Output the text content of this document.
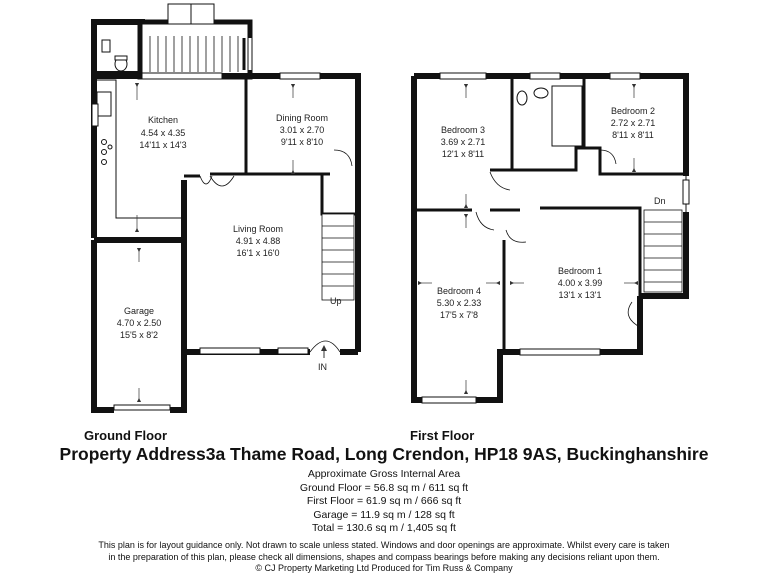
Kitchen
4.54 x 4.35
14'11 x 14'3
Dining Room
3.01 x 2.70
9'11 x 8'10
Living Room
4.91 x 4.88
16'1 x 16'0
Garage
4.70 x 2.50
15'5 x 8'2
Up
IN
Bedroom 3
3.69 x 2.71
12'1 x 8'11
Bedroom 2
2.72 x 2.71
8'11 x 8'11
Bedroom 4
5.30 x 2.33
17'5 x 7'8
Bedroom 1
4.00 x 3.99
13'1 x 13'1
Dn
Ground Floor	First Floor
Property Address3a Thame Road, Long Crendon, HP18 9AS, Buckinghanshire
Approximate Gross Internal Area
Ground Floor = 56.8 sq m / 611 sq ft
First Floor = 61.9 sq m / 666 sq ft
Garage = 11.9 sq m / 128 sq ft
Total = 130.6 sq m / 1,405 sq ft
This plan is for layout guidance only. Not drawn to scale unless stated. Windows and door openings are approximate. Whilst every care is taken
in the preparation of this plan, please check all dimensions, shapes and compass bearings before making any decisions reliant upon them.
© CJ Property Marketing Ltd Produced for Tim Russ & Company
